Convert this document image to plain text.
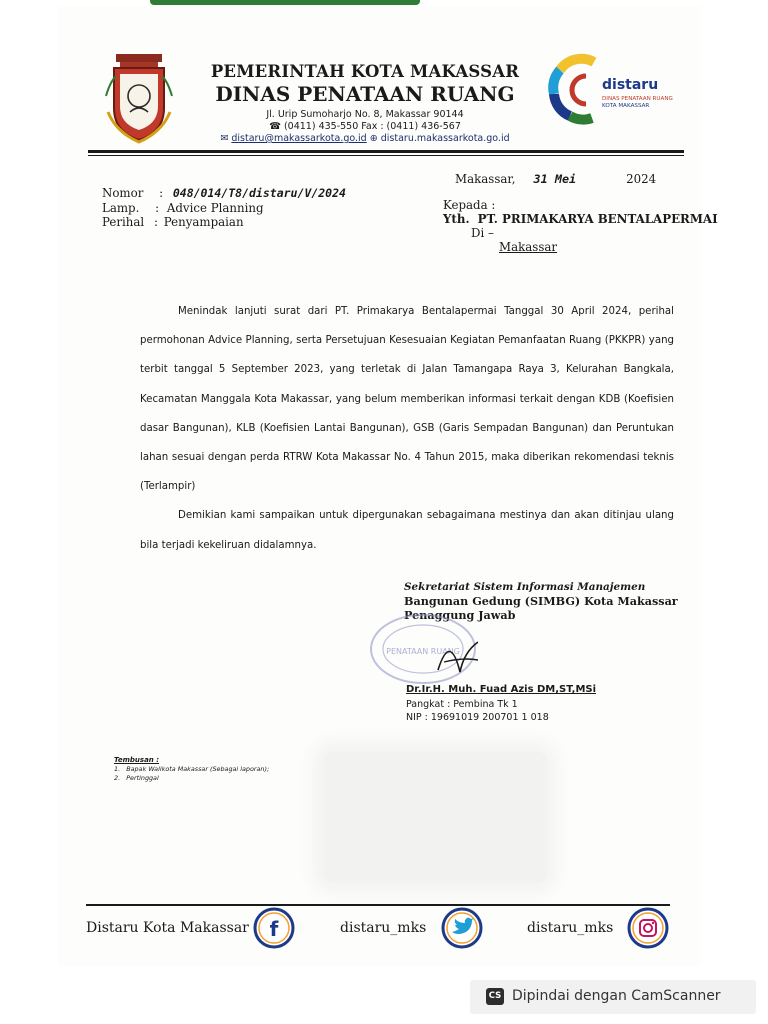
PEMERINTAH KOTA MAKASSAR
DINAS PENATAAN RUANG
Jl. Urip Sumoharjo No. 8, Makassar 90144
☎ (0411) 435-550 Fax : (0411) 436-567
✉ distaru@makassarkota.go.id ⊕ distaru.makassarkota.go.id
distaru
DINAS PENATAAN RUANG
KOTA MAKASSAR
Nomor : 048/014/T8/distaru/V/2024
Lamp. : Advice Planning
Perihal : Penyampaian
Makassar, 31 Mei	2024
Kepada :
Yth. PT. PRIMAKARYA BENTALAPERMAI
Di –
Makassar

Menindak lanjuti surat dari PT. Primakarya Bentalapermai Tanggal 30 April 2024, perihal permohonan Advice Planning, serta Persetujuan Kesesuaian Kegiatan Pemanfaatan Ruang (PKKPR) yang terbit tanggal 5 September 2023, yang terletak di Jalan Tamangapa Raya 3, Kelurahan Bangkala, Kecamatan Manggala Kota Makassar, yang belum memberikan informasi terkait dengan KDB (Koefisien dasar Bangunan), KLB (Koefisien Lantai Bangunan), GSB (Garis Sempadan Bangunan) dan Peruntukan lahan sesuai dengan perda RTRW Kota Makassar No. 4 Tahun 2015, maka diberikan rekomendasi teknis (Terlampir)

Demikian kami sampaikan untuk dipergunakan sebagaimana mestinya dan akan ditinjau ulang bila terjadi kekeliruan didalamnya.

Sekretariat Sistem Informasi Manajemen
Bangunan Gedung (SIMBG) Kota Makassar
Penaggung Jawab
PENATAAN RUANG
Dr.Ir.H. Muh. Fuad Azis DM,ST,MSi
Pangkat : Pembina Tk 1
NIP : 19691019 200701 1 018
Tembusan :
1.   Bapak Walikota Makassar (Sebagai laporan);
2.   Pertinggal
Distaru Kota Makassar f	distaru_mks	distaru_mks
CS Dipindai dengan CamScanner
